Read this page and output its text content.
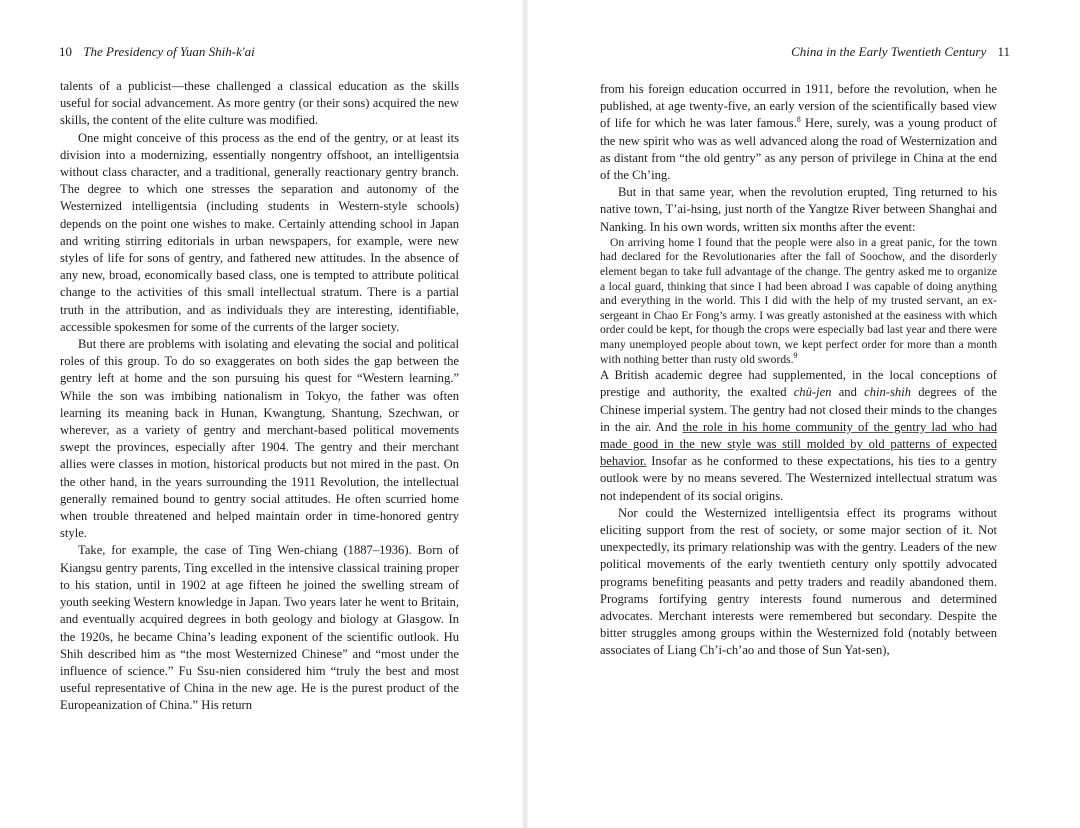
10 The Presidency of Yuan Shih-k'ai

talents of a publicist—these challenged a classical education as the skills useful for social advancement. As more gentry (or their sons) acquired the new skills, the content of the elite culture was modified.

One might conceive of this process as the end of the gentry, or at least its division into a modernizing, essentially nongentry offshoot, an intelligentsia without class character, and a traditional, generally reactionary gentry branch. The degree to which one stresses the separation and autonomy of the Westernized intelligentsia (including students in Western-style schools) depends on the point one wishes to make. Certainly attending school in Japan and writing stirring editorials in urban newspapers, for example, were new styles of life for sons of gentry, and fathered new attitudes. In the absence of any new, broad, economically based class, one is tempted to attribute political change to the activities of this small intellectual stratum. There is a partial truth in the attribution, and as individuals they are interesting, identifiable, accessible spokesmen for some of the currents of the larger society.

But there are problems with isolating and elevating the social and political roles of this group. To do so exaggerates on both sides the gap between the gentry left at home and the son pursuing his quest for “Western learning.” While the son was imbibing nationalism in Tokyo, the father was often learning its meaning back in Hunan, Kwangtung, Shantung, Szechwan, or wherever, as a variety of gentry and merchant-based political movements swept the provinces, especially after 1904. The gentry and their merchant allies were classes in motion, historical products but not mired in the past. On the other hand, in the years surrounding the 1911 Revolution, the intellectual generally remained bound to gentry social attitudes. He often scurried home when trouble threatened and helped maintain order in time-honored gentry style.

Take, for example, the case of Ting Wen-chiang (1887–1936). Born of Kiangsu gentry parents, Ting excelled in the intensive classical training proper to his station, until in 1902 at age fifteen he joined the swelling stream of youth seeking Western knowledge in Japan. Two years later he went to Britain, and eventually acquired degrees in both geology and biology at Glasgow. In the 1920s, he became China’s leading exponent of the scientific outlook. Hu Shih described him as “the most Westernized Chinese” and “most under the influence of science.” Fu Ssu-nien considered him “truly the best and most useful representative of China in the new age. He is the purest product of the Europeanization of China.” His return

China in the Early Twentieth Century 11

from his foreign education occurred in 1911, before the revolution, when he published, at age twenty-five, an early version of the scientifically based view of life for which he was later famous.$^8$ Here, surely, was a young product of the new spirit who was as well advanced along the road of Westernization and as distant from “the old gentry” as any person of privilege in China at the end of the Ch’ing.

But in that same year, when the revolution erupted, Ting returned to his native town, T’ai-hsing, just north of the Yangtze River between Shanghai and Nanking. In his own words, written six months after the event:

On arriving home I found that the people were also in a great panic, for the town had declared for the Revolutionaries after the fall of Soochow, and the disorderly element began to take full advantage of the change. The gentry asked me to organize a local guard, thinking that since I had been abroad I was capable of doing anything and everything in the world. This I did with the help of my trusted servant, an ex-sergeant in Chao Er Fong’s army. I was greatly astonished at the easiness with which order could be kept, for though the crops were especially bad last year and there were many unemployed people about town, we kept perfect order for more than a month with nothing better than rusty old swords.$^9$

A British academic degree had supplemented, in the local conceptions of prestige and authority, the exalted chü-jen and chin-shih degrees of the Chinese imperial system. The gentry had not closed their minds to the changes in the air. And the role in his home community of the gentry lad who had made good in the new style was still molded by old patterns of expected behavior. Insofar as he conformed to these expectations, his ties to a gentry outlook were by no means severed. The Westernized intellectual stratum was not independent of its social origins.

Nor could the Westernized intelligentsia effect its programs without eliciting support from the rest of society, or some major section of it. Not unexpectedly, its primary relationship was with the gentry. Leaders of the new political movements of the early twentieth century only spottily advocated programs benefiting peasants and petty traders and readily abandoned them. Programs fortifying gentry interests found numerous and determined advocates. Merchant interests were remembered but secondary. Despite the bitter struggles among groups within the Westernized fold (notably between associates of Liang Ch’i-ch’ao and those of Sun Yat-sen),
